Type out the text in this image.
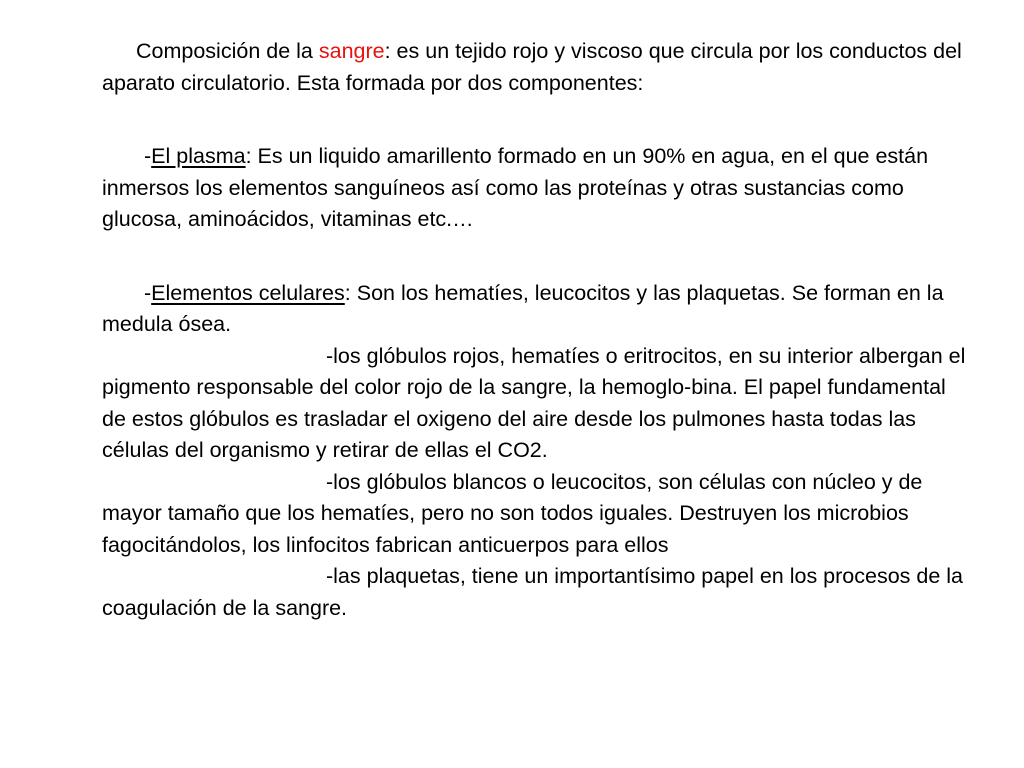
Composición de la sangre: es un tejido rojo y viscoso que circula por los conductos del aparato circulatorio. Esta formada por dos componentes:

-El plasma: Es un liquido amarillento formado en un 90% en agua, en el que están inmersos los elementos sanguíneos así como las proteínas y otras sustancias como glucosa, aminoácidos, vitaminas etc.…

-Elementos celulares: Son los hematíes, leucocitos y las plaquetas. Se forman en la medula ósea.

-los glóbulos rojos, hematíes o eritrocitos, en su interior albergan el pigmento responsable del color rojo de la sangre, la hemoglo-bina. El papel fundamental de estos glóbulos es trasladar el oxigeno del aire desde los pulmones hasta todas las células del organismo y retirar de ellas el CO2.

-los glóbulos blancos o leucocitos, son células con núcleo y de mayor tamaño que los hematíes, pero no son todos iguales. Destruyen los microbios fagocitándolos, los linfocitos fabrican anticuerpos para ellos

-las plaquetas, tiene un importantísimo papel en los procesos de la coagulación de la sangre.
